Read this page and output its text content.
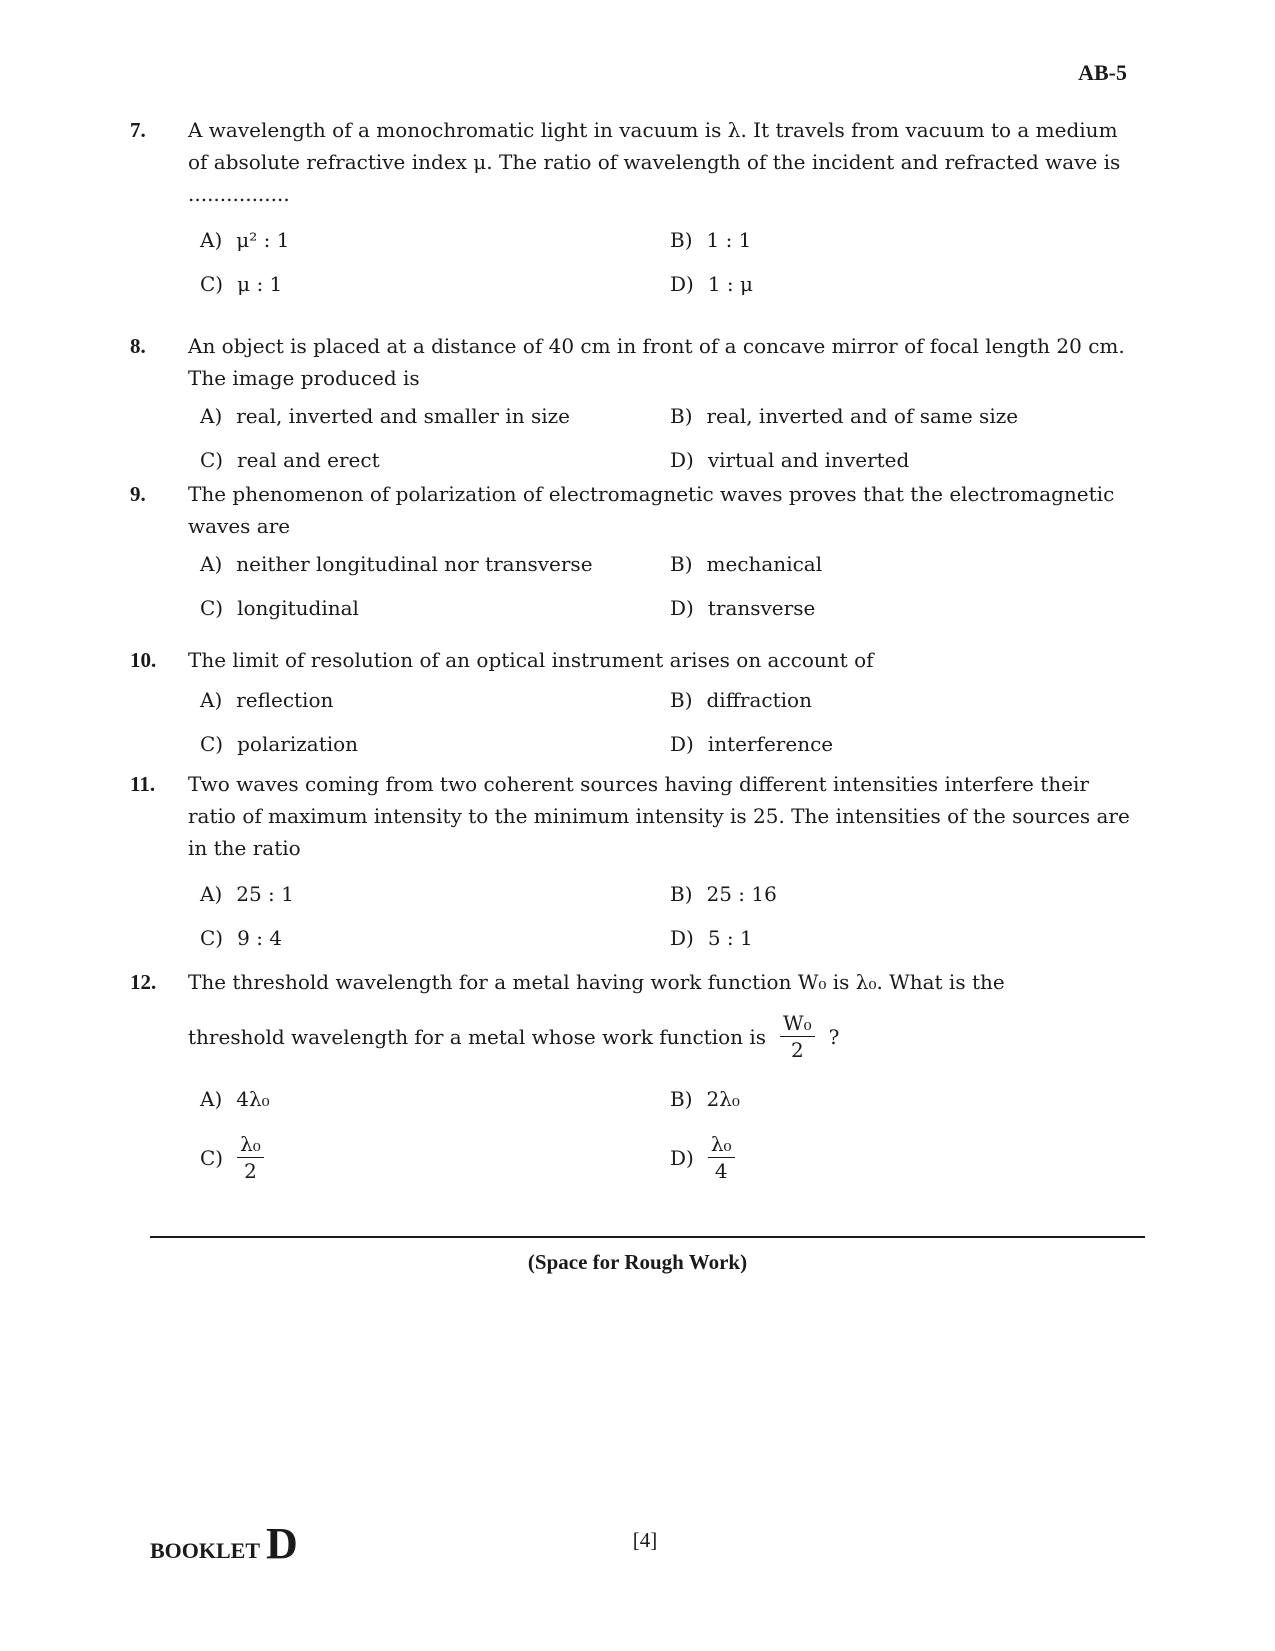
AB-5
7. A wavelength of a monochromatic light in vacuum is λ. It travels from vacuum to a medium of absolute refractive index μ. The ratio of wavelength of the incident and refracted wave is ................
A) μ² : 1	B) 1 : 1
C) μ : 1	D) 1 : μ
8. An object is placed at a distance of 40 cm in front of a concave mirror of focal length 20 cm. The image produced is
A) real, inverted and smaller in size	B) real, inverted and of same size
C) real and erect	D) virtual and inverted
9. The phenomenon of polarization of electromagnetic waves proves that the electromagnetic waves are
A) neither longitudinal nor transverse	B) mechanical
C) longitudinal	D) transverse
10. The limit of resolution of an optical instrument arises on account of
A) reflection	B) diffraction
C) polarization	D) interference
11. Two waves coming from two coherent sources having different intensities interfere their ratio of maximum intensity to the minimum intensity is 25. The intensities of the sources are in the ratio
A) 25 : 1	B) 25 : 16
C) 9 : 4	D) 5 : 1
12. The threshold wavelength for a metal having work function W₀ is λ₀. What is the
threshold wavelength for a metal whose work function is $\frac{\text{W₀}}{2}$ ?
A) 4λ₀	B) 2λ₀
$C) \frac{\text{λ₀}}{2}$	$D) \frac{\text{λ₀}}{4}$
(Space for Rough Work)
BOOKLET D	[4]
